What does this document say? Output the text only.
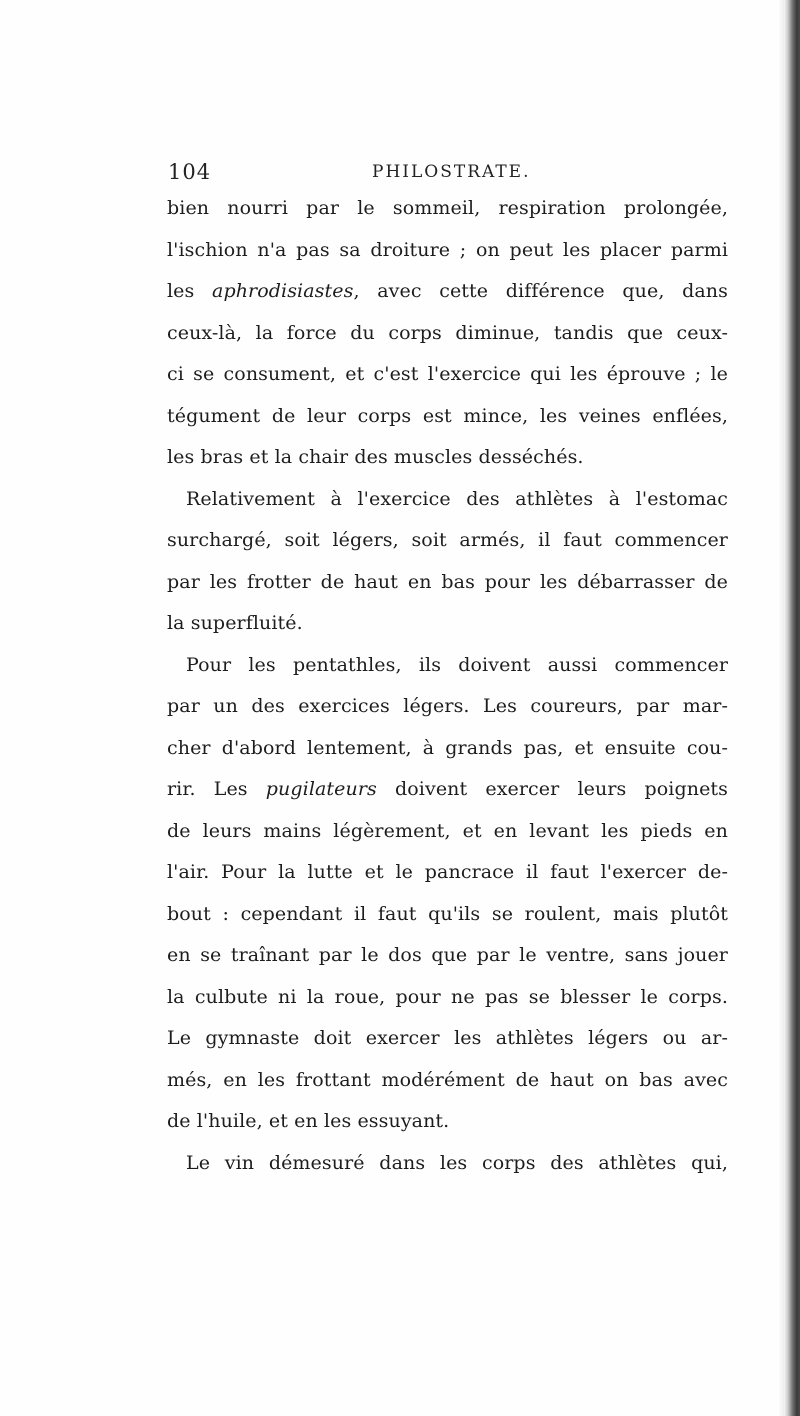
104	PHILOSTRATE.
bien nourri par le sommeil, respiration prolongée,
l'ischion n'a pas sa droiture ; on peut les placer parmi
les aphrodisiastes, avec cette différence que, dans
ceux-là, la force du corps diminue, tandis que ceux-
ci se consument, et c'est l'exercice qui les éprouve ; le
tégument de leur corps est mince, les veines enflées,
les bras et la chair des muscles desséchés.
Relativement à l'exercice des athlètes à l'estomac
surchargé, soit légers, soit armés, il faut commencer
par les frotter de haut en bas pour les débarrasser de
la superfluité.
Pour les pentathles, ils doivent aussi commencer
par un des exercices légers. Les coureurs, par mar-
cher d'abord lentement, à grands pas, et ensuite cou-
rir. Les pugilateurs doivent exercer leurs poignets
de leurs mains légèrement, et en levant les pieds en
l'air. Pour la lutte et le pancrace il faut l'exercer de-
bout : cependant il faut qu'ils se roulent, mais plutôt
en se traînant par le dos que par le ventre, sans jouer
la culbute ni la roue, pour ne pas se blesser le corps.
Le gymnaste doit exercer les athlètes légers ou ar-
més, en les frottant modérément de haut on bas avec
de l'huile, et en les essuyant.
Le vin démesuré dans les corps des athlètes qui,
